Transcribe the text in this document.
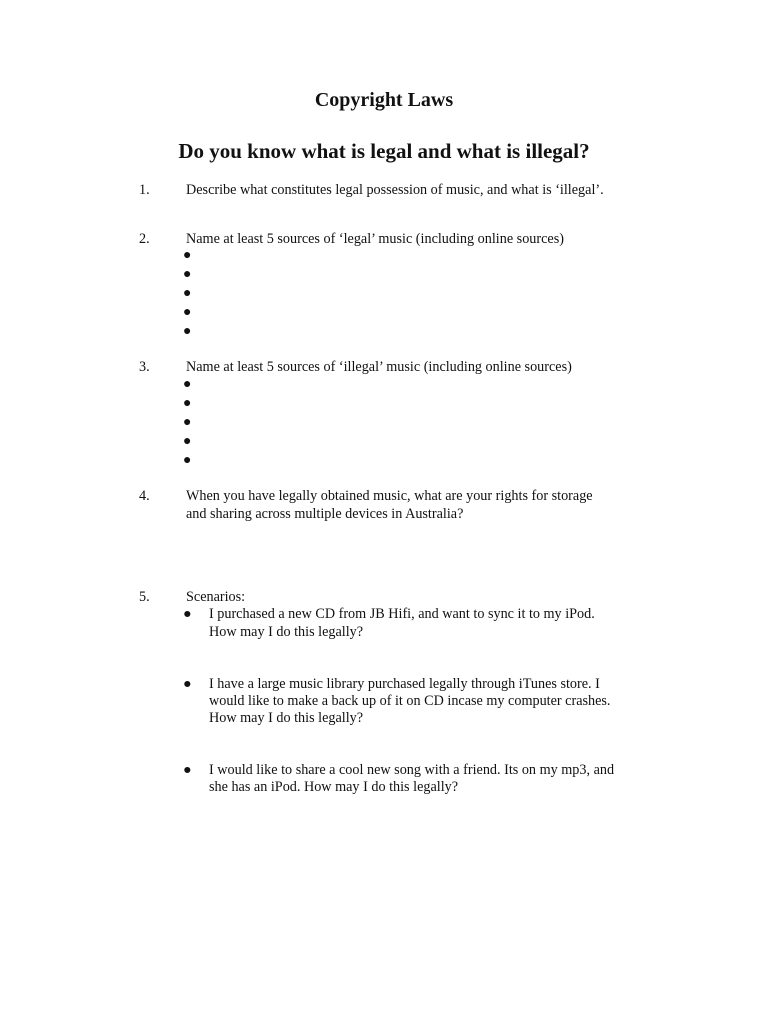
Copyright Laws
Do you know what is legal and what is illegal?
1.	Describe what constitutes legal possession of music, and what is ‘illegal’.
2.	Name at least 5 sources of ‘legal’ music (including online sources)
●
●
●
●
●
3.	Name at least 5 sources of ‘illegal’ music (including online sources)
●
●
●
●
●
4.	When you have legally obtained music, what are your rights for storage
and sharing across multiple devices in Australia?
5.	Scenarios:
● I purchased a new CD from JB Hifi, and want to sync it to my iPod.
How may I do this legally?
● I have a large music library purchased legally through iTunes store. I
would like to make a back up of it on CD incase my computer crashes.
How may I do this legally?
● I would like to share a cool new song with a friend. Its on my mp3, and
she has an iPod. How may I do this legally?
